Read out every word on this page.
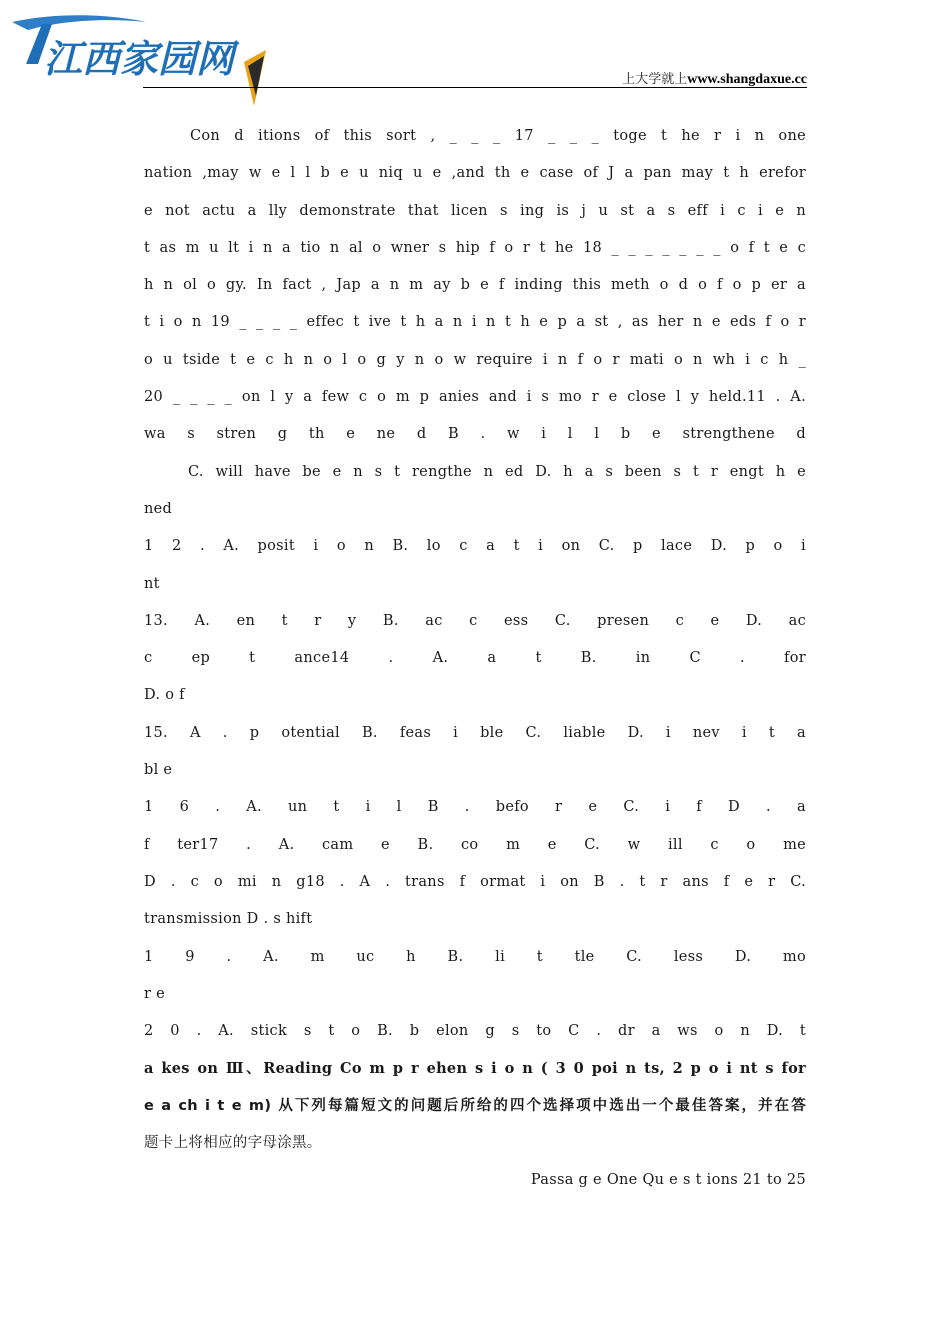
江西家园网	上大学就上www.shangdaxue.cc
Con d itions of this sort , _ _ _ 17 _ _ _ toge t he r i n one
nation ,may w e l l b e u niq u e ,and th e case of J a pan may t h erefor
e not actu a lly demonstrate that licen s ing is j u st a s eff i c i e n
t as m u lt i n a tio n al o wner s hip f o r t he 18 _ _ _ _ _ _ _ o f t e c
h n ol o gy. In fact , Jap a n m ay b e f inding this meth o d o f o p er a
t i o n 19 _ _ _ _ effec t ive t h a n i n t h e p a st , as her n e eds f o r
o u tside t e c h n o l o g y n o w require i n f o r mati o n wh i c h _
20 _ _ _ _ on l y a few c o m p anies and i s mo r e close l y held.11 . A.
wa s stren g th e ne d B . w i l l b e strengthene d
C. will have be e n s t rengthe n ed D. h a s been s t r engt h e
ned
1 2 . A. posit i o n B. lo c a t i on C. p lace D. p o i
nt
13. A. en t r y B. ac c ess C. presen c e D. ac
c ep t ance14 . A. a t B. in C . for
D. o f
15. A . p otential B. feas i ble C. liable D. i nev i t a
bl e
1 6 . A. un t i l B . befo r e C. i f D . a
f ter17 . A. cam e B. co m e C. w ill c o me
D . c o mi n g18 . A . trans f ormat i on B . t r ans f e r C.
transmission D . s hift
1 9 . A. m uc h B. li t tle C. less D. mo
r e
2 0 . A. stick s t o B. b elon g s to C . dr a ws o n D. t
a kes on Ⅲ、Reading Co m p r ehen s i o n ( 3 0 poi n ts, 2 p o i nt s for
e a ch i t e m) 从下列每篇短文的问题后所给的四个选择项中选出一个最佳答案，并在答
题卡上将相应的字母涂黑。
Passa g e One Qu e s t ions 21 to 25
